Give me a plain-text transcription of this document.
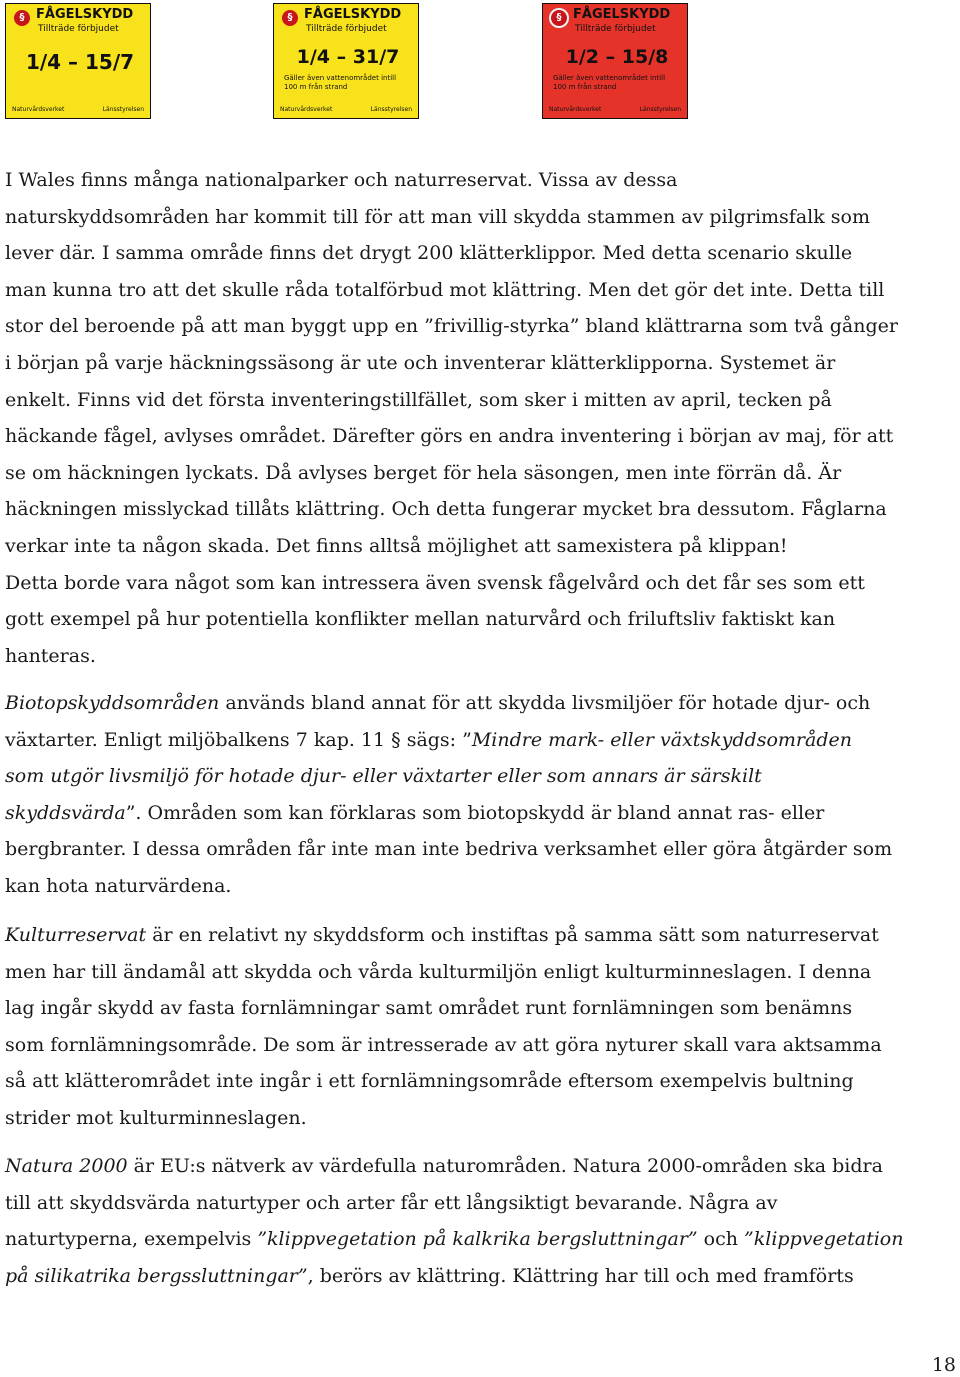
§ FÅGELSKYDD
Tillträde förbjudet
1/4 – 15/7
Naturvårdsverket	Länsstyrelsen
§ FÅGELSKYDD
Tillträde förbjudet
1/4 – 31/7
Gäller även vattenområdet intill 100 m från strand
Naturvårdsverket	Länsstyrelsen
§ FÅGELSKYDD
Tillträde förbjudet
1/2 – 15/8
Gäller även vattenområdet intill 100 m från strand
Naturvårdsverket	Länsstyrelsen
I Wales finns många nationalparker och naturreservat. Vissa av dessa
naturskyddsområden har kommit till för att man vill skydda stammen av pilgrimsfalk som
lever där. I samma område finns det drygt 200 klätterklippor. Med detta scenario skulle
man kunna tro att det skulle råda totalförbud mot klättring. Men det gör det inte. Detta till
stor del beroende på att man byggt upp en ”frivillig-styrka” bland klättrarna som två gånger
i början på varje häckningssäsong är ute och inventerar klätterklipporna. Systemet är
enkelt. Finns vid det första inventeringstillfället, som sker i mitten av april, tecken på
häckande fågel, avlyses området. Därefter görs en andra inventering i början av maj, för att
se om häckningen lyckats. Då avlyses berget för hela säsongen, men inte förrän då. Är
häckningen misslyckad tillåts klättring. Och detta fungerar mycket bra dessutom. Fåglarna
verkar inte ta någon skada. Det finns alltså möjlighet att samexistera på klippan!
Detta borde vara något som kan intressera även svensk fågelvård och det får ses som ett
gott exempel på hur potentiella konflikter mellan naturvård och friluftsliv faktiskt kan
hanteras.
Biotopskyddsområden används bland annat för att skydda livsmiljöer för hotade djur- och
växtarter. Enligt miljöbalkens 7 kap. 11 § sägs: ”Mindre mark- eller växtskyddsområden
som utgör livsmiljö för hotade djur- eller växtarter eller som annars är särskilt
skyddsvärda”. Områden som kan förklaras som biotopskydd är bland annat ras- eller
bergbranter. I dessa områden får inte man inte bedriva verksamhet eller göra åtgärder som
kan hota naturvärdena.
Kulturreservat är en relativt ny skyddsform och instiftas på samma sätt som naturreservat
men har till ändamål att skydda och vårda kulturmiljön enligt kulturminneslagen. I denna
lag ingår skydd av fasta fornlämningar samt området runt fornlämningen som benämns
som fornlämningsområde. De som är intresserade av att göra nyturer skall vara aktsamma
så att klätterområdet inte ingår i ett fornlämningsområde eftersom exempelvis bultning
strider mot kulturminneslagen.
Natura 2000 är EU:s nätverk av värdefulla naturområden. Natura 2000-områden ska bidra
till att skyddsvärda naturtyper och arter får ett långsiktigt bevarande. Några av
naturtyperna, exempelvis ”klippvegetation på kalkrika bergsluttningar” och ”klippvegetation
på silikatrika bergssluttningar”, berörs av klättring. Klättring har till och med framförts
18
